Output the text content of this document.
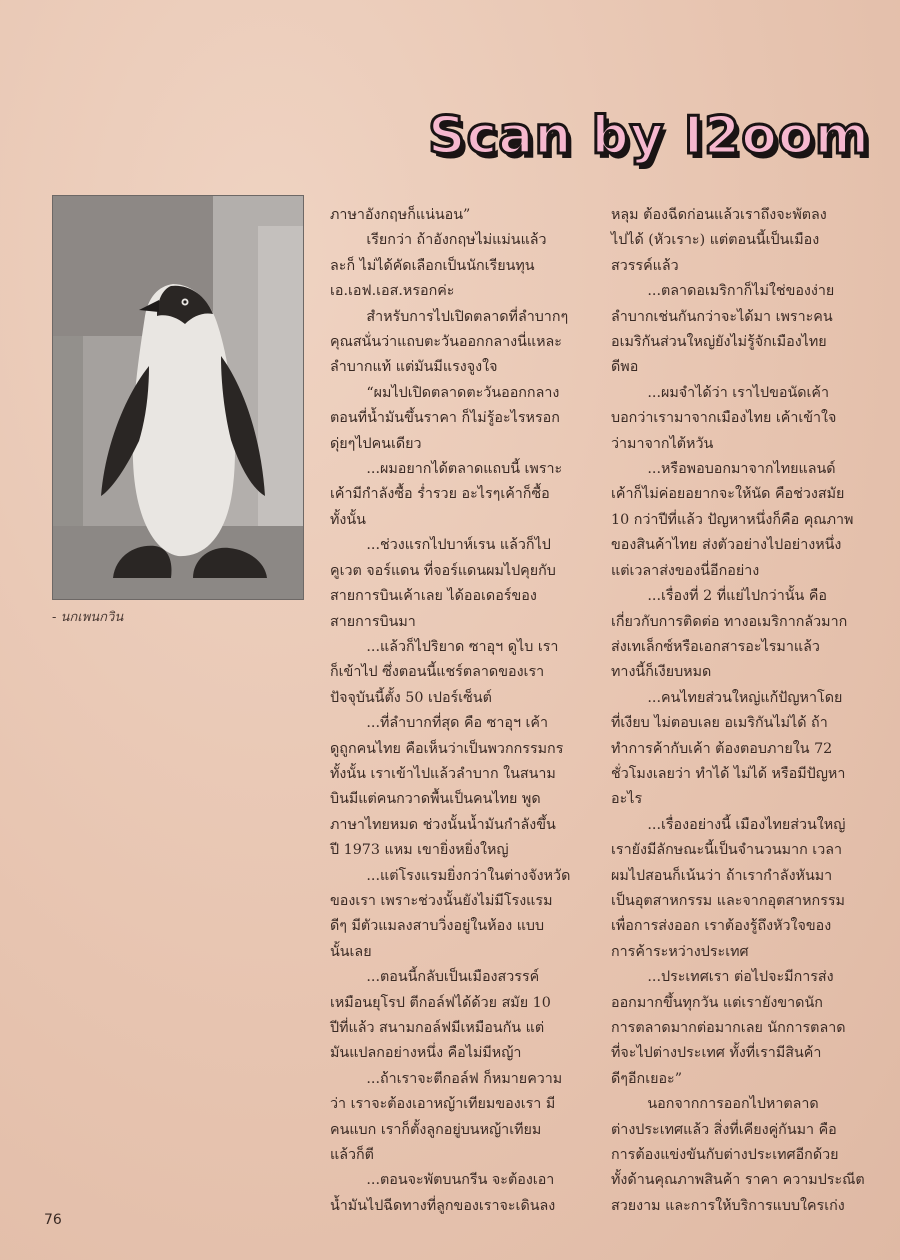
Scan by I2oom
- นกเพนกวิน

ภาษาอังกฤษก็แน่นอน”

เรียกว่า ถ้าอังกฤษไม่แม่นแล้ว

ละก็ ไม่ได้คัดเลือกเป็นนักเรียนทุน

เอ.เอฟ.เอส.หรอกค่ะ

สำหรับการไปเปิดตลาดที่ลำบากๆ

คุณสนั่นว่าแถบตะวันออกกลางนี่แหละ

ลำบากแท้ แต่มันมีแรงจูงใจ

“ผมไปเปิดตลาดตะวันออกกลาง

ตอนที่น้ำมันขึ้นราคา ก็ไม่รู้อะไรหรอก

ดุ่ยๆไปคนเดียว

...ผมอยากได้ตลาดแถบนี้ เพราะ

เค้ามีกำลังซื้อ ร่ำรวย อะไรๆเค้าก็ซื้อ

ทั้งนั้น

...ช่วงแรกไปบาห์เรน แล้วก็ไป

คูเวต จอร์แดน ที่จอร์แดนผมไปคุยกับ

สายการบินเค้าเลย ได้ออเดอร์ของ

สายการบินมา

...แล้วก็ไปริยาด ซาอุฯ ดูไบ เรา

ก็เข้าไป ซึ่งตอนนี้แชร์ตลาดของเรา

ปัจจุบันนี้ตั้ง 50 เปอร์เซ็นต์

...ที่ลำบากที่สุด คือ ซาอุฯ เค้า

ดูถูกคนไทย คือเห็นว่าเป็นพวกกรรมกร

ทั้งนั้น เราเข้าไปแล้วลำบาก ในสนาม

บินมีแต่คนกวาดพื้นเป็นคนไทย พูด

ภาษาไทยหมด ช่วงนั้นน้ำมันกำลังขึ้น

ปี 1973 แหม เขายิ่งหยิ่งใหญ่

...แต่โรงแรมยิ่งกว่าในต่างจังหวัด

ของเรา เพราะช่วงนั้นยังไม่มีโรงแรม

ดีๆ มีตัวแมลงสาบวิ่งอยู่ในห้อง แบบ

นั้นเลย

...ตอนนี้กลับเป็นเมืองสวรรค์

เหมือนยุโรป ตีกอล์ฟได้ด้วย สมัย 10

ปีที่แล้ว สนามกอล์ฟมีเหมือนกัน แต่

มันแปลกอย่างหนึ่ง คือไม่มีหญ้า

...ถ้าเราจะตีกอล์ฟ ก็หมายความ

ว่า เราจะต้องเอาหญ้าเทียมของเรา มี

คนแบก เราก็ตั้งลูกอยู่บนหญ้าเทียม

แล้วก็ตี

...ตอนจะพัตบนกรีน จะต้องเอา

น้ำมันไปฉีดทางที่ลูกของเราจะเดินลง

หลุม ต้องฉีดก่อนแล้วเราถึงจะพัตลง

ไปได้ (หัวเราะ) แต่ตอนนี้เป็นเมือง

สวรรค์แล้ว

...ตลาดอเมริกาก็ไม่ใช่ของง่าย

ลำบากเช่นกันกว่าจะได้มา เพราะคน

อเมริกันส่วนใหญ่ยังไม่รู้จักเมืองไทย

ดีพอ

...ผมจำได้ว่า เราไปขอนัดเค้า

บอกว่าเรามาจากเมืองไทย เค้าเข้าใจ

ว่ามาจากไต้หวัน

...หรือพอบอกมาจากไทยแลนด์

เค้าก็ไม่ค่อยอยากจะให้นัด คือช่วงสมัย

10 กว่าปีที่แล้ว ปัญหาหนึ่งก็คือ คุณภาพ

ของสินค้าไทย ส่งตัวอย่างไปอย่างหนึ่ง

แต่เวลาส่งของนี่อีกอย่าง

...เรื่องที่ 2 ที่แย่ไปกว่านั้น คือ

เกี่ยวกับการติดต่อ ทางอเมริกากลัวมาก

ส่งเทเล็กซ์หรือเอกสารอะไรมาแล้ว

ทางนี้ก็เงียบหมด

...คนไทยส่วนใหญ่แก้ปัญหาโดย

ที่เงียบ ไม่ตอบเลย อเมริกันไม่ได้ ถ้า

ทำการค้ากับเค้า ต้องตอบภายใน 72

ชั่วโมงเลยว่า ทำได้ ไม่ได้ หรือมีปัญหา

อะไร

...เรื่องอย่างนี้ เมืองไทยส่วนใหญ่

เรายังมีลักษณะนี้เป็นจำนวนมาก เวลา

ผมไปสอนก็เน้นว่า ถ้าเรากำลังหันมา

เป็นอุตสาหกรรม และจากอุตสาหกรรม

เพื่อการส่งออก เราต้องรู้ถึงหัวใจของ

การค้าระหว่างประเทศ

...ประเทศเรา ต่อไปจะมีการส่ง

ออกมากขึ้นทุกวัน แต่เรายังขาดนัก

การตลาดมากต่อมากเลย นักการตลาด

ที่จะไปต่างประเทศ ทั้งที่เรามีสินค้า

ดีๆอีกเยอะ”

นอกจากการออกไปหาตลาด

ต่างประเทศแล้ว สิ่งที่เคียงคู่กันมา คือ

การต้องแข่งขันกับต่างประเทศอีกด้วย

ทั้งด้านคุณภาพสินค้า ราคา ความประณีต

สวยงาม และการให้บริการแบบใครเก่ง

76
